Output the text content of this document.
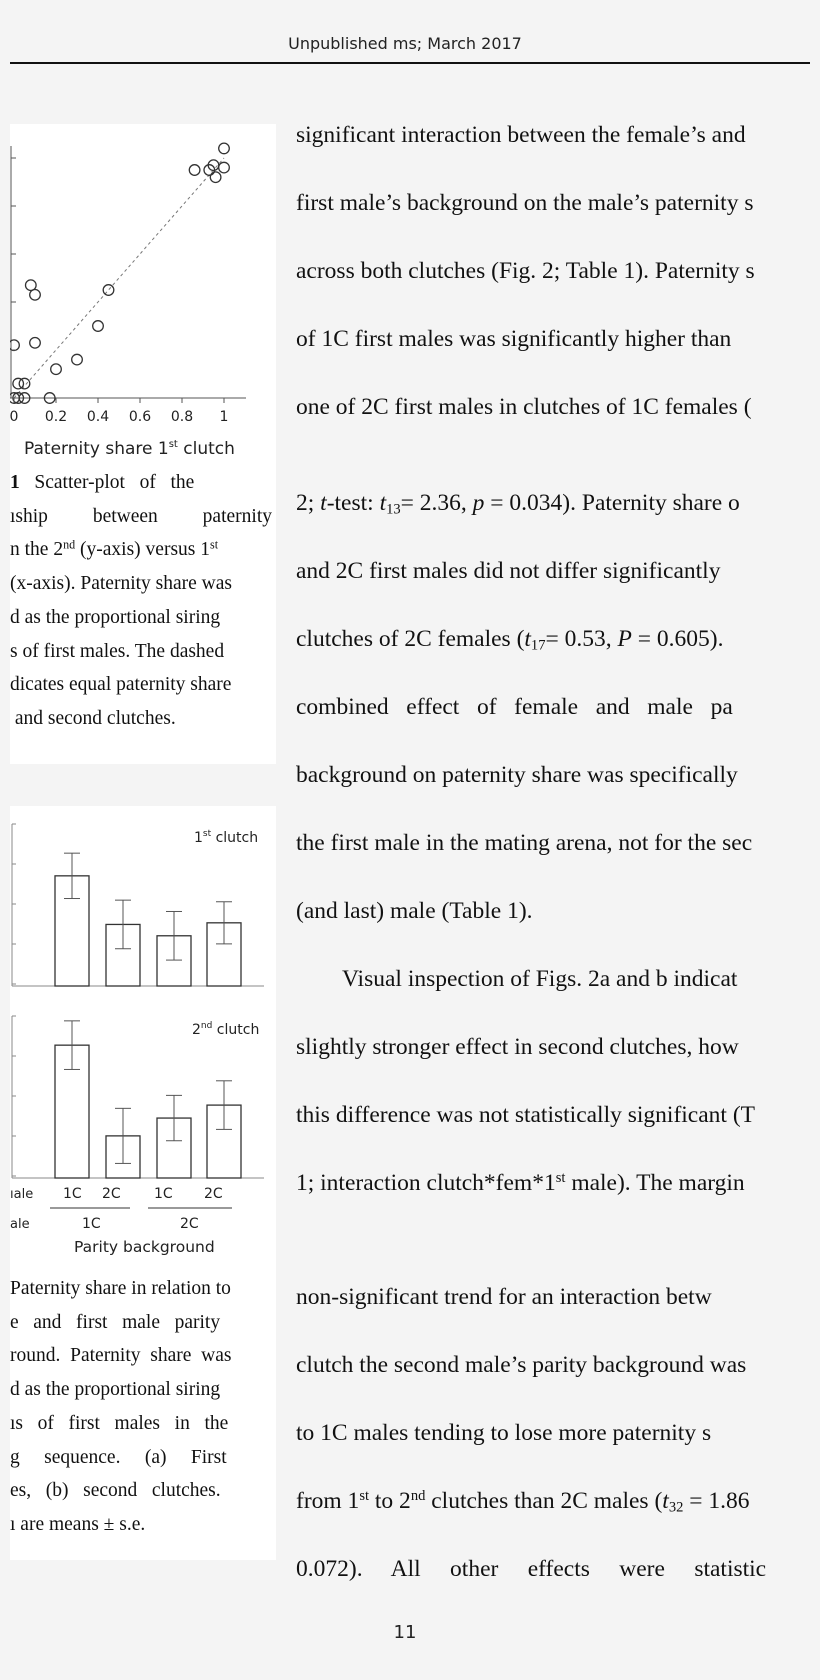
Unpublished ms; March 2017
Paternity share 1st clutch
0 0.2 0.4 0.6 0.8 1
1   Scatter-plot   of   the
ıship between paternity
n the 2nd (y-axis) versus 1st
(x-axis). Paternity share was
d as the proportional siring
s of first males. The dashed
dicates equal paternity share
and second clutches.
1st clutch
2nd clutch
ıale 1C 2C 1C 2C
ale	1C	2C
Parity background
Paternity share in relation to
e   and   first   male   parity
round.  Paternity  share  was
d as the proportional siring
ıs   of   first   males   in   the
g     sequence.     (a)     First
es,   (b)   second   clutches.
ı are means ± s.e.
significant interaction between the female’s and
first male’s background on the male’s paternity s
across both clutches (Fig. 2; Table 1). Paternity s
of 1C first males was significantly higher than
one of 2C first males in clutches of 1C females (
2; t-test: $t_{13}= 2.36$, p = 0.034). Paternity share o
and 2C first males did not differ significantly
clutches of 2C females ($t_{17}= 0.53$, P = 0.605).
combined   effect   of   female   and   male   pa
background on paternity share was specifically
the first male in the mating arena, not for the sec
(and last) male (Table 1).
Visual inspection of Figs. 2a and b indicat
slightly stronger effect in second clutches, how
this difference was not statistically significant (T
1; interaction clutch*fem*1st male). The margin
non-significant trend for an interaction betw
clutch the second male’s parity background was
to 1C males tending to lose more paternity s
from 1st to 2nd clutches than 2C males ($t_{32} = 1.86$
0.072).     All     other     effects     were     statistic
11
